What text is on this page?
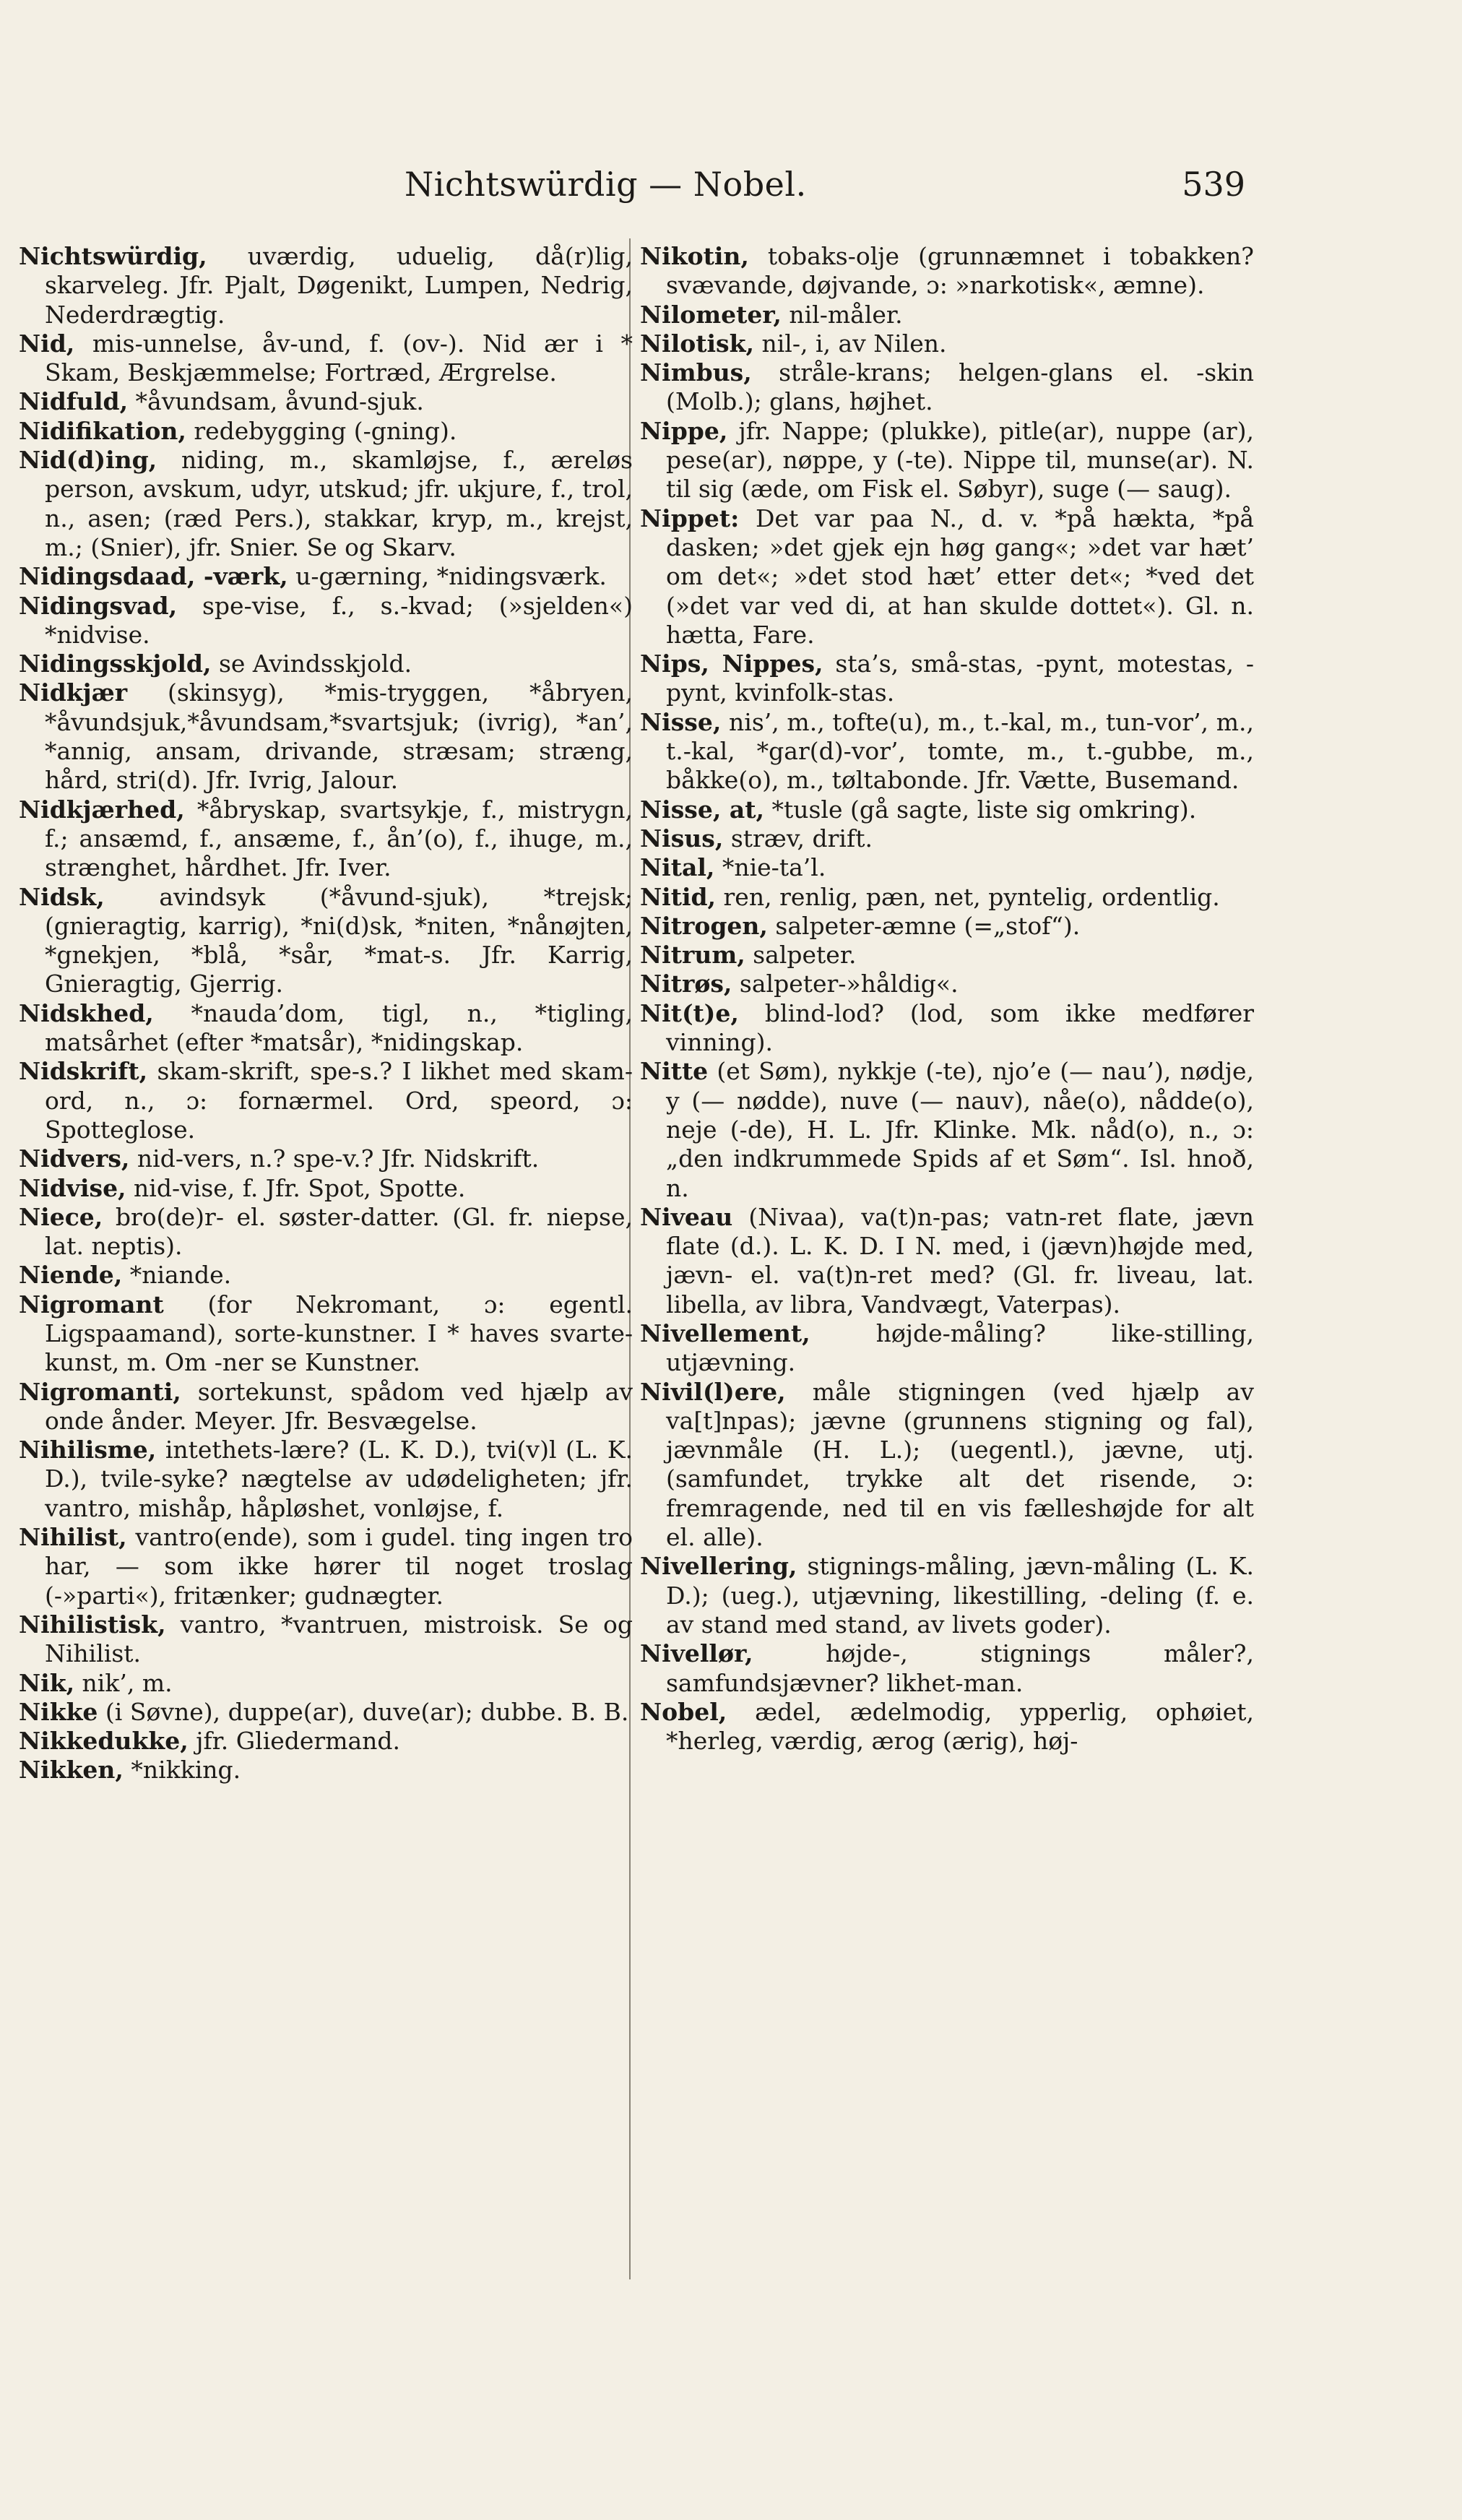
Nichtswürdig — Nobel.	539

Nichtswürdig, uværdig, uduelig, då(r)lig, skarveleg. Jfr. Pjalt, Døgenikt, Lumpen, Nedrig, Nederdrægtig.

Nid, mis-unnelse, åv-und, f. (ov-). Nid ær i * Skam, Beskjæmmelse; Fortræd, Ærgrelse.

Nidfuld, *åvundsam, åvund-sjuk.

Nidifikation, redebygging (-gning).

Nid(d)ing, niding, m., skamløjse, f., æreløs person, avskum, udyr, utskud; jfr. ukjure, f., trol, n., asen; (ræd Pers.), stakkar, kryp, m., krejst, m.; (Snier), jfr. Snier. Se og Skarv.

Nidingsdaad, -værk, u-gærning, *nidingsværk.

Nidingsvad, spe-vise, f., s.-kvad; (»sjelden«) *nidvise.

Nidingsskjold, se Avindsskjold.

Nidkjær (skinsyg), *mis-tryggen, *åbryen, *åvundsjuk,*åvundsam,*svartsjuk; (ivrig), *an’, *annig, ansam, drivande, stræsam; stræng, hård, stri(d). Jfr. Ivrig, Jalour.

Nidkjærhed, *åbryskap, svartsykje, f., mistrygn, f.; ansæmd, f., ansæme, f., ån’(o), f., ihuge, m., strænghet, hårdhet. Jfr. Iver.

Nidsk, avindsyk (*åvund-sjuk), *trejsk; (gnieragtig, karrig), *ni(d)sk, *niten, *nånøjten, *gnekjen, *blå, *sår, *mat-s. Jfr. Karrig, Gnieragtig, Gjerrig.

Nidskhed, *nauda’dom, tigl, n., *tigling, matsårhet (efter *matsår), *nidingskap.

Nidskrift, skam-skrift, spe-s.? I likhet med skam-ord, n., ɔ: fornærmel. Ord, speord, ɔ: Spotteglose.

Nidvers, nid-vers, n.? spe-v.? Jfr. Nidskrift.

Nidvise, nid-vise, f. Jfr. Spot, Spotte.

Niece, bro(de)r- el. søster-datter. (Gl. fr. niepse, lat. neptis).

Niende, *niande.

Nigromant (for Nekromant, ɔ: egentl. Ligspaamand), sorte-kunstner. I * haves svarte-kunst, m. Om -ner se Kunstner.

Nigromanti, sortekunst, spådom ved hjælp av onde ånder. Meyer. Jfr. Besvægelse.

Nihilisme, intethets-lære? (L. K. D.), tvi(v)l (L. K. D.), tvile-syke? nægtelse av udødeligheten; jfr. vantro, mishåp, håpløshet, vonløjse, f.

Nihilist, vantro(ende), som i gudel. ting ingen tro har, — som ikke hører til noget troslag (-»parti«), fritænker; gudnægter.

Nihilistisk, vantro, *vantruen, mistroisk. Se og Nihilist.

Nik, nik’, m.

Nikke (i Søvne), duppe(ar), duve(ar); dubbe. B. B.

Nikkedukke, jfr. Gliedermand.

Nikken, *nikking.

Nikotin, tobaks-olje (grunnæmnet i tobakken? svævande, døjvande, ɔ: »narkotisk«, æmne).

Nilometer, nil-måler.

Nilotisk, nil-, i, av Nilen.

Nimbus, stråle-krans; helgen-glans el. -skin (Molb.); glans, højhet.

Nippe, jfr. Nappe; (plukke), pitle(ar), nuppe (ar), pese(ar), nøppe, y (-te). Nippe til, munse(ar). N. til sig (æde, om Fisk el. Søbyr), suge (— saug).

Nippet: Det var paa N., d. v. *på hækta, *på dasken; »det gjek ejn høg gang«; »det var hæt’ om det«; »det stod hæt’ etter det«; *ved det (»det var ved di, at han skulde dottet«). Gl. n. hætta, Fare.

Nips, Nippes, sta’s, små-stas, -pynt, motestas, -pynt, kvinfolk-stas.

Nisse, nis’, m., tofte(u), m., t.-kal, m., tun-vor’, m., t.-kal, *gar(d)-vor’, tomte, m., t.-gubbe, m., båkke(o), m., tøltabonde. Jfr. Vætte, Busemand.

Nisse, at, *tusle (gå sagte, liste sig omkring).

Nisus, stræv, drift.

Nital, *nie-ta’l.

Nitid, ren, renlig, pæn, net, pyntelig, ordentlig.

Nitrogen, salpeter-æmne (=„stof“).

Nitrum, salpeter.

Nitrøs, salpeter-»håldig«.

Nit(t)e, blind-lod? (lod, som ikke medfører vinning).

Nitte (et Søm), nykkje (-te), njo’e (— nau’), nødje, y (— nødde), nuve (— nauv), nåe(o), nådde(o), neje (-de), H. L. Jfr. Klinke. Mk. nåd(o), n., ɔ: „den indkrummede Spids af et Søm“. Isl. hnoð, n.

Niveau (Nivaa), va(t)n-pas; vatn-ret flate, jævn flate (d.). L. K. D. I N. med, i (jævn)højde med, jævn- el. va(t)n-ret med? (Gl. fr. liveau, lat. libella, av libra, Vandvægt, Vaterpas).

Nivellement, højde-måling? like-stilling, utjævning.

Nivil(l)ere, måle stigningen (ved hjælp av va[t]npas); jævne (grunnens stigning og fal), jævnmåle (H. L.); (uegentl.), jævne, utj. (samfundet, trykke alt det risende, ɔ: fremragende, ned til en vis fælleshøjde for alt el. alle).

Nivellering, stignings-måling, jævn-måling (L. K. D.); (ueg.), utjævning, likestilling, -deling (f. e. av stand med stand, av livets goder).

Nivellør, højde-, stignings måler?, samfundsjævner? likhet-man.

Nobel, ædel, ædelmodig, ypperlig, ophøiet, *herleg, værdig, ærog (ærig), høj-
